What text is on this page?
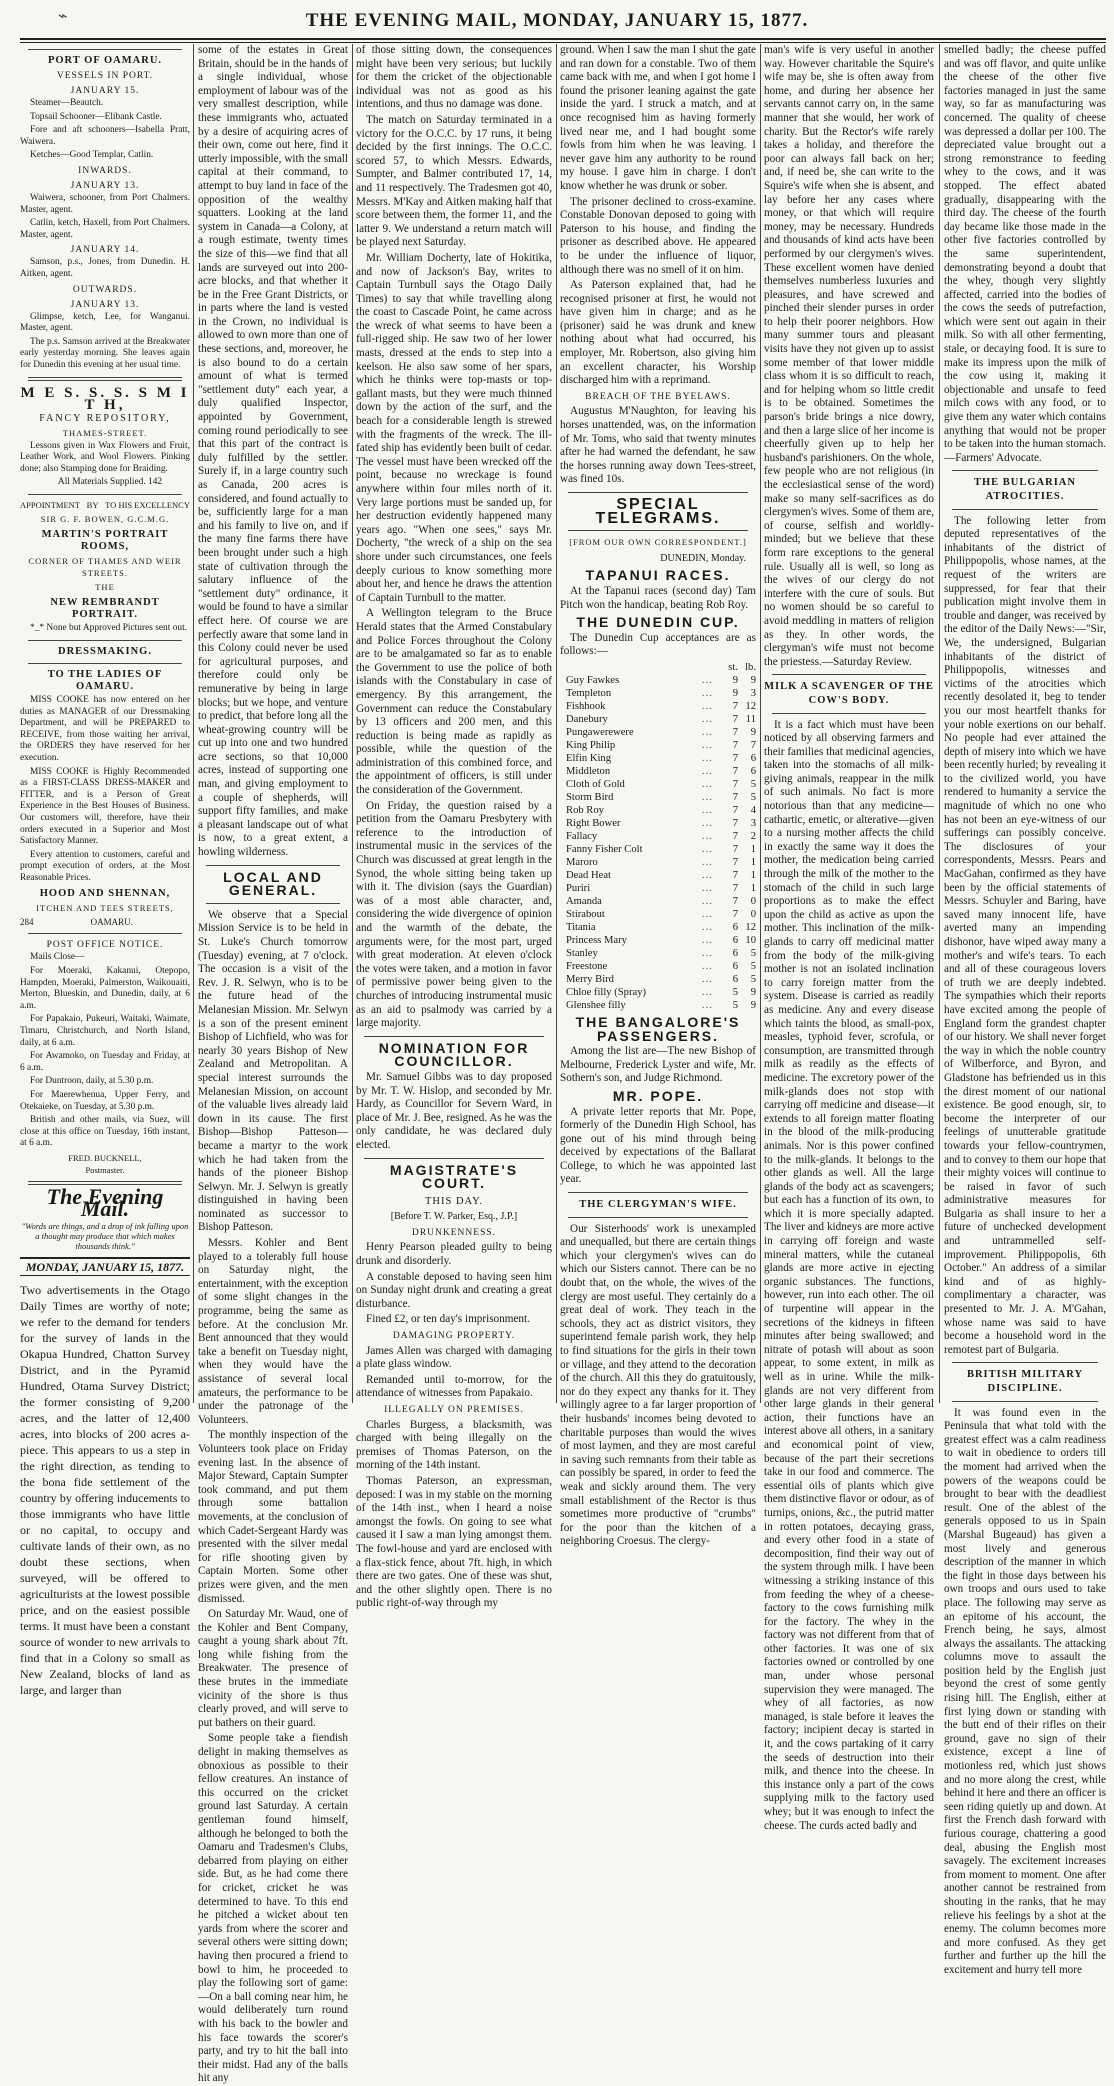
⌁	THE EVENING MAIL, MONDAY, JANUARY 15, 1877.
PORT OF OAMARU.
VESSELS IN PORT.
JANUARY 15.

Steamer—Beautch.

Topsail Schooner—Elibank Castle.

Fore and aft schooners—Isabella Pratt, Waiwera.

Ketches—Good Templar, Catlin.

INWARDS.
JANUARY 13.

Waiwera, schooner, from Port Chalmers. Master, agent.

Catlin, ketch, Haxell, from Port Chalmers. Master, agent.

JANUARY 14.

Samson, p.s., Jones, from Dunedin. H. Aitken, agent.

OUTWARDS.
JANUARY 13.

Glimpse, ketch, Lee, for Wanganui. Master, agent.

The p.s. Samson arrived at the Breakwater early yesterday morning. She leaves again for Dunedin this evening at her usual time.

M E S. S. S. S M I T H,
FANCY REPOSITORY,
THAMES-STREET.

Lessons given in Wax Flowers and Fruit, Leather Work, and Wool Flowers. Pinking done; also Stamping done for Braiding.

All Materials Supplied. 142

APPOINTMENT BY TO HIS EXCELLENCY
SIR G. F. BOWEN, G.C.M.G.
MARTIN'S PORTRAIT ROOMS,
CORNER OF THAMES AND WEIR STREETS.
THE
NEW REMBRANDT PORTRAIT.

*_* None but Approved Pictures sent out.

DRESSMAKING.
TO THE LADIES OF OAMARU.

MISS COOKE has now entered on her duties as MANAGER of our Dressmaking Department, and will be PREPARED to RECEIVE, from those waiting her arrival, the ORDERS they have reserved for her execution.

MISS COOKE is Highly Recommended as a FIRST-CLASS DRESS-MAKER and FITTER, and is a Person of Great Experience in the Best Houses of Business. Our customers will, therefore, have their orders executed in a Superior and Most Satisfactory Manner.

Every attention to customers, careful and prompt execution of orders, at the Most Reasonable Prices.

HOOD AND SHENNAN,
ITCHEN AND TEES STREETS,
284	OAMARU.
POST OFFICE NOTICE.

Mails Close—

For Moeraki, Kakanui, Otepopo, Hampden, Moeraki, Palmerston, Waikouaiti, Merton, Blueskin, and Dunedin, daily, at 6 a.m.

For Papakaio, Pukeuri, Waitaki, Waimate, Timaru, Christchurch, and North Island, daily, at 6 a.m.

For Awamoko, on Tuesday and Friday, at 6 a.m.

For Duntroon, daily, at 5.30 p.m.

For Maerewhenua, Upper Ferry, and Otekaieke, on Tuesday, at 5.30 p.m.

British and other mails, via Suez, will close at this office on Tuesday, 16th instant, at 6 a.m.

FRED. BUCKNELL,
Postmaster.
The Evening Mail.
"Words are things, and a drop of ink falling upon a thought may produce that which makes thousands think."
MONDAY, JANUARY 15, 1877.

Two advertisements in the Otago Daily Times are worthy of note; we refer to the demand for tenders for the survey of lands in the Okapua Hundred, Chatton Survey District, and in the Pyramid Hundred, Otama Survey District; the former consisting of 9,200 acres, and the latter of 12,400 acres, into blocks of 200 acres a-piece. This appears to us a step in the right direction, as tending to the bona fide settlement of the country by offering inducements to those immigrants who have little or no capital, to occupy and cultivate lands of their own, as no doubt these sections, when surveyed, will be offered to agriculturists at the lowest possible price, and on the easiest possible terms. It must have been a constant source of wonder to new arrivals to find that in a Colony so small as New Zealand, blocks of land as large, and larger than

some of the estates in Great Britain, should be in the hands of a single individual, whose employment of labour was of the very smallest description, while these immigrants who, actuated by a desire of acquiring acres of their own, come out here, find it utterly impossible, with the small capital at their command, to attempt to buy land in face of the opposition of the wealthy squatters. Looking at the land system in Canada—a Colony, at a rough estimate, twenty times the size of this—we find that all lands are surveyed out into 200-acre blocks, and that whether it be in the Free Grant Districts, or in parts where the land is vested in the Crown, no individual is allowed to own more than one of these sections, and, moreover, he is also bound to do a certain amount of what is termed "settlement duty" each year, a duly qualified Inspector, appointed by Government, coming round periodically to see that this part of the contract is duly fulfilled by the settler. Surely if, in a large country such as Canada, 200 acres is considered, and found actually to be, sufficiently large for a man and his family to live on, and if the many fine farms there have been brought under such a high state of cultivation through the salutary influence of the "settlement duty" ordinance, it would be found to have a similar effect here. Of course we are perfectly aware that some land in this Colony could never be used for agricultural purposes, and therefore could only be remunerative by being in large blocks; but we hope, and venture to predict, that before long all the wheat-growing country will be cut up into one and two hundred acre sections, so that 10,000 acres, instead of supporting one man, and giving employment to a couple of shepherds, will support fifty families, and make a pleasant landscape out of what is now, to a great extent, a howling wilderness.

LOCAL AND GENERAL.

We observe that a Special Mission Service is to be held in St. Luke's Church tomorrow (Tuesday) evening, at 7 o'clock. The occasion is a visit of the Rev. J. R. Selwyn, who is to be the future head of the Melanesian Mission. Mr. Selwyn is a son of the present eminent Bishop of Lichfield, who was for nearly 30 years Bishop of New Zealand and Metropolitan. A special interest surrounds the Melanesian Mission, on account of the valuable lives already laid down in its cause. The first Bishop—Bishop Patteson—became a martyr to the work which he had taken from the hands of the pioneer Bishop Selwyn. Mr. J. Selwyn is greatly distinguished in having been nominated as successor to Bishop Patteson.

Messrs. Kohler and Bent played to a tolerably full house on Saturday night, the entertainment, with the exception of some slight changes in the programme, being the same as before. At the conclusion Mr. Bent announced that they would take a benefit on Tuesday night, when they would have the assistance of several local amateurs, the performance to be under the patronage of the Volunteers.

The monthly inspection of the Volunteers took place on Friday evening last. In the absence of Major Steward, Captain Sumpter took command, and put them through some battalion movements, at the conclusion of which Cadet-Sergeant Hardy was presented with the silver medal for rifle shooting given by Captain Morten. Some other prizes were given, and the men dismissed.

On Saturday Mr. Waud, one of the Kohler and Bent Company, caught a young shark about 7ft. long while fishing from the Breakwater. The presence of these brutes in the immediate vicinity of the shore is thus clearly proved, and will serve to put bathers on their guard.

Some people take a fiendish delight in making themselves as obnoxious as possible to their fellow creatures. An instance of this occurred on the cricket ground last Saturday. A certain gentleman found himself, although he belonged to both the Oamaru and Tradesmen's Clubs, debarred from playing on either side. But, as he had come there for cricket, cricket he was determined to have. To this end he pitched a wicket about ten yards from where the scorer and several others were sitting down; having then procured a friend to bowl to him, he proceeded to play the following sort of game:—On a ball coming near him, he would deliberately turn round with his back to the bowler and his face towards the scorer's party, and try to hit the ball into their midst. Had any of the balls hit any

of those sitting down, the consequences might have been very serious; but luckily for them the cricket of the objectionable individual was not as good as his intentions, and thus no damage was done.

The match on Saturday terminated in a victory for the O.C.C. by 17 runs, it being decided by the first innings. The O.C.C. scored 57, to which Messrs. Edwards, Sumpter, and Balmer contributed 17, 14, and 11 respectively. The Tradesmen got 40, Messrs. M'Kay and Aitken making half that score between them, the former 11, and the latter 9. We understand a return match will be played next Saturday.

Mr. William Docherty, late of Hokitika, and now of Jackson's Bay, writes to Captain Turnbull says the Otago Daily Times) to say that while travelling along the coast to Cascade Point, he came across the wreck of what seems to have been a full-rigged ship. He saw two of her lower masts, dressed at the ends to step into a keelson. He also saw some of her spars, which he thinks were top-masts or top-gallant masts, but they were much thinned down by the action of the surf, and the beach for a considerable length is strewed with the fragments of the wreck. The ill-fated ship has evidently been built of cedar. The vessel must have been wrecked off the point, because no wreckage is found anywhere within four miles north of it. Very large portions must be sanded up, for her destruction evidently happened many years ago. "When one sees," says Mr. Docherty, "the wreck of a ship on the sea shore under such circumstances, one feels deeply curious to know something more about her, and hence he draws the attention of Captain Turnbull to the matter.

A Wellington telegram to the Bruce Herald states that the Armed Constabulary and Police Forces throughout the Colony are to be amalgamated so far as to enable the Government to use the police of both islands with the Constabulary in case of emergency. By this arrangement, the Government can reduce the Constabulary by 13 officers and 200 men, and this reduction is being made as rapidly as possible, while the question of the administration of this combined force, and the appointment of officers, is still under the consideration of the Government.

On Friday, the question raised by a petition from the Oamaru Presbytery with reference to the introduction of instrumental music in the services of the Church was discussed at great length in the Synod, the whole sitting being taken up with it. The division (says the Guardian) was of a most able character, and, considering the wide divergence of opinion and the warmth of the debate, the arguments were, for the most part, urged with great moderation. At eleven o'clock the votes were taken, and a motion in favor of permissive power being given to the churches of introducing instrumental music as an aid to psalmody was carried by a large majority.

NOMINATION FOR COUNCILLOR.

Mr. Samuel Gibbs was to day proposed by Mr. T. W. Hislop, and seconded by Mr. Hardy, as Councillor for Severn Ward, in place of Mr. J. Bee, resigned. As he was the only candidate, he was declared duly elected.

MAGISTRATE'S COURT.
THIS DAY.
[Before T. W. Parker, Esq., J.P.]
DRUNKENNESS.

Henry Pearson pleaded guilty to being drunk and disorderly.

A constable deposed to having seen him on Sunday night drunk and creating a great disturbance.

Fined £2, or ten day's imprisonment.

DAMAGING PROPERTY.

James Allen was charged with damaging a plate glass window.

Remanded until to-morrow, for the attendance of witnesses from Papakaio.

ILLEGALLY ON PREMISES.

Charles Burgess, a blacksmith, was charged with being illegally on the premises of Thomas Paterson, on the morning of the 14th instant.

Thomas Paterson, an expressman, deposed: I was in my stable on the morning of the 14th inst., when I heard a noise amongst the fowls. On going to see what caused it I saw a man lying amongst them. The fowl-house and yard are enclosed with a flax-stick fence, about 7ft. high, in which there are two gates. One of these was shut, and the other slightly open. There is no public right-of-way through my

ground. When I saw the man I shut the gate and ran down for a constable. Two of them came back with me, and when I got home I found the prisoner leaning against the gate inside the yard. I struck a match, and at once recognised him as having formerly lived near me, and I had bought some fowls from him when he was leaving. I never gave him any authority to be round my house. I gave him in charge. I don't know whether he was drunk or sober.

The prisoner declined to cross-examine. Constable Donovan deposed to going with Paterson to his house, and finding the prisoner as described above. He appeared to be under the influence of liquor, although there was no smell of it on him.

As Paterson explained that, had he recognised prisoner at first, he would not have given him in charge; and as he (prisoner) said he was drunk and knew nothing about what had occurred, his employer, Mr. Robertson, also giving him an excellent character, his Worship discharged him with a reprimand.

BREACH OF THE BYELAWS.

Augustus M'Naughton, for leaving his horses unattended, was, on the information of Mr. Toms, who said that twenty minutes after he had warned the defendant, he saw the horses running away down Tees-street, was fined 10s.

SPECIAL TELEGRAMS.
[FROM OUR OWN CORRESPONDENT.]
DUNEDIN, Monday.
TAPANUI RACES.

At the Tapanui races (second day) Tam Pitch won the handicap, beating Rob Roy.

THE DUNEDIN CUP.

The Dunedin Cup acceptances are as follows:—

		st.	lb.
Guy Fawkes	...	9	9
Templeton	...	9	3
Fishhook	...	7	12
Danebury	...	7	11
Pungawerewere	...	7	9
King Philip	...	7	7
Elfin King	...	7	6
Middleton	...	7	6
Cloth of Gold	...	7	5
Storm Bird	...	7	5
Rob Roy	...	7	4
Right Bower	...	7	3
Fallacy	...	7	2
Fanny Fisher Colt	...	7	1
Maroro	...	7	1
Dead Heat	...	7	1
Puriri	...	7	1
Amanda	...	7	0
Stirabout	...	7	0
Titania	...	6	12
Princess Mary	...	6	10
Stanley	...	6	5
Freestone	...	6	5
Merry Bird	...	6	5
Chloe filly (Spray)	...	5	9
Glenshee filly	...	5	9
THE BANGALORE'S PASSENGERS.

Among the list are—The new Bishop of Melbourne, Frederick Lyster and wife, Mr. Sothern's son, and Judge Richmond.

MR. POPE.

A private letter reports that Mr. Pope, formerly of the Dunedin High School, has gone out of his mind through being deceived by expectations of the Ballarat College, to which he was appointed last year.

THE CLERGYMAN'S WIFE.

Our Sisterhoods' work is unexampled and unequalled, but there are certain things which your clergymen's wives can do which our Sisters cannot. There can be no doubt that, on the whole, the wives of the clergy are most useful. They certainly do a great deal of work. They teach in the schools, they act as district visitors, they superintend female parish work, they help to find situations for the girls in their town or village, and they attend to the decoration of the church. All this they do gratuitously, nor do they expect any thanks for it. They willingly agree to a far larger proportion of their husbands' incomes being devoted to charitable purposes than would the wives of most laymen, and they are most careful in saving such remnants from their table as can possibly be spared, in order to feed the weak and sickly around them. The very small establishment of the Rector is thus sometimes more productive of "crumbs" for the poor than the kitchen of a neighboring Croesus. The clergy-

man's wife is very useful in another way. However charitable the Squire's wife may be, she is often away from home, and during her absence her servants cannot carry on, in the same manner that she would, her work of charity. But the Rector's wife rarely takes a holiday, and therefore the poor can always fall back on her; and, if need be, she can write to the Squire's wife when she is absent, and lay before her any cases where money, or that which will require money, may be necessary. Hundreds and thousands of kind acts have been performed by our clergymen's wives. These excellent women have denied themselves numberless luxuries and pleasures, and have screwed and pinched their slender purses in order to help their poorer neighbors. How many summer tours and pleasant visits have they not given up to assist some member of that lower middle class whom it is so difficult to reach, and for helping whom so little credit is to be obtained. Sometimes the parson's bride brings a nice dowry, and then a large slice of her income is cheerfully given up to help her husband's parishioners. On the whole, few people who are not religious (in the ecclesiastical sense of the word) make so many self-sacrifices as do clergymen's wives. Some of them are, of course, selfish and worldly-minded; but we believe that these form rare exceptions to the general rule. Usually all is well, so long as the wives of our clergy do not interfere with the cure of souls. But no women should be so careful to avoid meddling in matters of religion as they. In other words, the clergyman's wife must not become the priestess.—Saturday Review.

MILK A SCAVENGER OF THE COW'S BODY.

It is a fact which must have been noticed by all observing farmers and their families that medicinal agencies, taken into the stomachs of all milk-giving animals, reappear in the milk of such animals. No fact is more notorious than that any medicine—cathartic, emetic, or alterative—given to a nursing mother affects the child in exactly the same way it does the mother, the medication being carried through the milk of the mother to the stomach of the child in such large proportions as to make the effect upon the child as active as upon the mother. This inclination of the milk-glands to carry off medicinal matter from the body of the milk-giving mother is not an isolated inclination to carry foreign matter from the system. Disease is carried as readily as medicine. Any and every disease which taints the blood, as small-pox, measles, typhoid fever, scrofula, or consumption, are transmitted through milk as readily as the effects of medicine. The excretory power of the milk-glands does not stop with carrying off medicine and disease—it extends to all foreign matter floating in the blood of the milk-producing animals. Nor is this power confined to the milk-glands. It belongs to the other glands as well. All the large glands of the body act as scavengers; but each has a function of its own, to which it is more specially adapted. The liver and kidneys are more active in carrying off foreign and waste mineral matters, while the cutaneal glands are more active in ejecting organic substances. The functions, however, run into each other. The oil of turpentine will appear in the secretions of the kidneys in fifteen minutes after being swallowed; and nitrate of potash will about as soon appear, to some extent, in milk as well as in urine. While the milk-glands are not very different from other large glands in their general action, their functions have an interest above all others, in a sanitary and economical point of view, because of the part their secretions take in our food and commerce. The essential oils of plants which give them distinctive flavor or odour, as of turnips, onions, &c., the putrid matter in rotten potatoes, decaying grass, and every other food in a state of decomposition, find their way out of the system through milk. I have been witnessing a striking instance of this from feeding the whey of a cheese-factory to the cows furnishing milk for the factory. The whey in the factory was not different from that of other factories. It was one of six factories owned or controlled by one man, under whose personal supervision they were managed. The whey of all factories, as now managed, is stale before it leaves the factory; incipient decay is started in it, and the cows partaking of it carry the seeds of destruction into their milk, and thence into the cheese. In this instance only a part of the cows supplying milk to the factory used whey; but it was enough to infect the cheese. The curds acted badly and

smelled badly; the cheese puffed and was off flavor, and quite unlike the cheese of the other five factories managed in just the same way, so far as manufacturing was concerned. The quality of cheese was depressed a dollar per 100. The depreciated value brought out a strong remonstrance to feeding whey to the cows, and it was stopped. The effect abated gradually, disappearing with the third day. The cheese of the fourth day became like those made in the other five factories controlled by the same superintendent, demonstrating beyond a doubt that the whey, though very slightly affected, carried into the bodies of the cows the seeds of putrefaction, which were sent out again in their milk. So with all other fermenting, stale, or decaying food. It is sure to make its impress upon the milk of the cow using it, making it objectionable and unsafe to feed milch cows with any food, or to give them any water which contains anything that would not be proper to be taken into the human stomach.—Farmers' Advocate.

THE BULGARIAN ATROCITIES.

The following letter from deputed representatives of the inhabitants of the district of Philippopolis, whose names, at the request of the writers are suppressed, for fear that their publication might involve them in trouble and danger, was received by the editor of the Daily News:—"Sir, We, the undersigned, Bulgarian inhabitants of the district of Philippopolis, witnesses and victims of the atrocities which recently desolated it, beg to tender you our most heartfelt thanks for your noble exertions on our behalf. No people had ever attained the depth of misery into which we have been recently hurled; by revealing it to the civilized world, you have rendered to humanity a service the magnitude of which no one who has not been an eye-witness of our sufferings can possibly conceive. The disclosures of your correspondents, Messrs. Pears and MacGahan, confirmed as they have been by the official statements of Messrs. Schuyler and Baring, have saved many innocent life, have averted many an impending dishonor, have wiped away many a mother's and wife's tears. To each and all of these courageous lovers of truth we are deeply indebted. The sympathies which their reports have excited among the people of England form the grandest chapter of our history. We shall never forget the way in which the noble country of Wilberforce, and Byron, and Gladstone has befriended us in this the direst moment of our national existence. Be good enough, sir, to become the interpreter of our feelings of unutterable gratitude towards your fellow-countrymen, and to convey to them our hope that their mighty voices will continue to be raised in favor of such administrative measures for Bulgaria as shall insure to her a future of unchecked development and untrammelled self-improvement. Philippopolis, 6th October." An address of a similar kind and of as highly-complimentary a character, was presented to Mr. J. A. M'Gahan, whose name was said to have become a household word in the remotest part of Bulgaria.

BRITISH MILITARY DISCIPLINE.

It was found even in the Peninsula that what told with the greatest effect was a calm readiness to wait in obedience to orders till the moment had arrived when the powers of the weapons could be brought to bear with the deadliest result. One of the ablest of the generals opposed to us in Spain (Marshal Bugeaud) has given a most lively and generous description of the manner in which the fight in those days between his own troops and ours used to take place. The following may serve as an epitome of his account, the French being, he says, almost always the assailants. The attacking columns move to assault the position held by the English just beyond the crest of some gently rising hill. The English, either at first lying down or standing with the butt end of their rifles on their ground, gave no sign of their existence, except a line of motionless red, which just shows and no more along the crest, while behind it here and there an officer is seen riding quietly up and down. At first the French dash forward with furious courage, chattering a good deal, abusing the English most savagely. The excitement increases from moment to moment. One after another cannot be restrained from shouting in the ranks, that he may relieve his feelings by a shot at the enemy. The column becomes more and more confused. As they get further and further up the hill the excitement and hurry tell more
